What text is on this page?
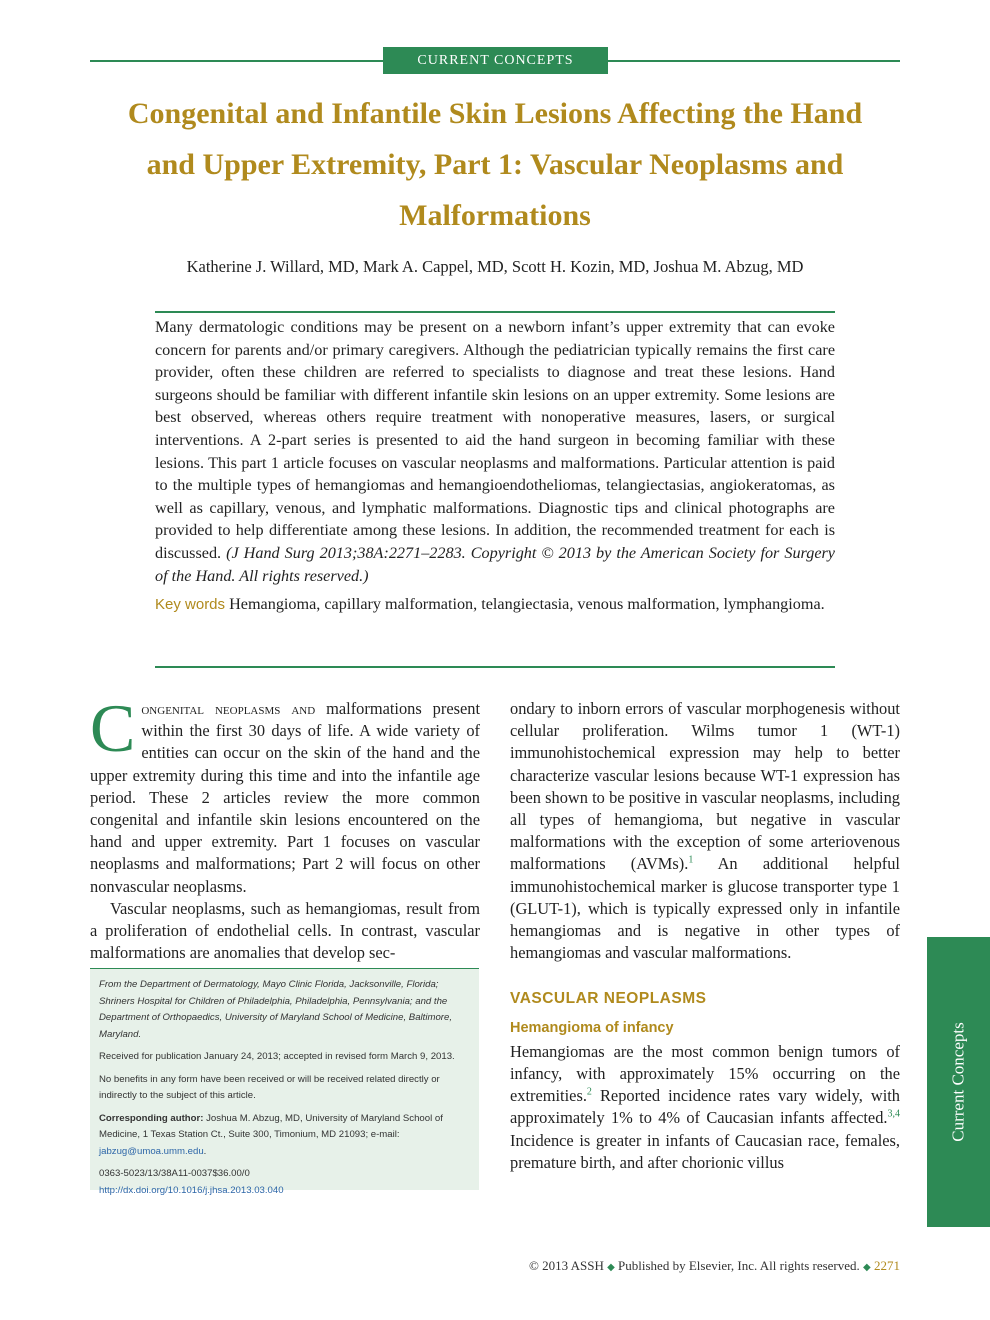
CURRENT CONCEPTS
Congenital and Infantile Skin Lesions Affecting the Hand and Upper Extremity, Part 1: Vascular Neoplasms and Malformations
Katherine J. Willard, MD, Mark A. Cappel, MD, Scott H. Kozin, MD, Joshua M. Abzug, MD

Many dermatologic conditions may be present on a newborn infant’s upper extremity that can evoke concern for parents and/or primary caregivers. Although the pediatrician typically remains the first care provider, often these children are referred to specialists to diagnose and treat these lesions. Hand surgeons should be familiar with different infantile skin lesions on an upper extremity. Some lesions are best observed, whereas others require treatment with nonoperative measures, lasers, or surgical interventions. A 2-part series is presented to aid the hand surgeon in becoming familiar with these lesions. This part 1 article focuses on vascular neoplasms and malformations. Particular attention is paid to the multiple types of hemangiomas and hemangioendotheliomas, telangiectasias, angiokeratomas, as well as capillary, venous, and lymphatic malformations. Diagnostic tips and clinical photographs are provided to help differentiate among these lesions. In addition, the recommended treatment for each is discussed. (J Hand Surg 2013;38A:2271–2283. Copyright © 2013 by the American Society for Surgery of the Hand. All rights reserved.)

Key words Hemangioma, capillary malformation, telangiectasia, venous malformation, lymphangioma.

Congenital neoplasms and malformations present within the first 30 days of life. A wide variety of entities can occur on the skin of the hand and the upper extremity during this time and into the infantile age period. These 2 articles review the more common congenital and infantile skin lesions encountered on the hand and upper extremity. Part 1 focuses on vascular neoplasms and malformations; Part 2 will focus on other nonvascular neoplasms.

Vascular neoplasms, such as hemangiomas, result from a proliferation of endothelial cells. In contrast, vascular malformations are anomalies that develop sec-

From the Department of Dermatology, Mayo Clinic Florida, Jacksonville, Florida; Shriners Hospital for Children of Philadelphia, Philadelphia, Pennsylvania; and the Department of Orthopaedics, University of Maryland School of Medicine, Baltimore, Maryland.

Received for publication January 24, 2013; accepted in revised form March 9, 2013.

No benefits in any form have been received or will be received related directly or indirectly to the subject of this article.

Corresponding author: Joshua M. Abzug, MD, University of Maryland School of Medicine, 1 Texas Station Ct., Suite 300, Timonium, MD 21093; e-mail: jabzug@umoa.umm.edu.

0363-5023/13/38A11-0037$36.00/0
http://dx.doi.org/10.1016/j.jhsa.2013.03.040

ondary to inborn errors of vascular morphogenesis without cellular proliferation. Wilms tumor 1 (WT-1) immunohistochemical expression may help to better characterize vascular lesions because WT-1 expression has been shown to be positive in vascular neoplasms, including all types of hemangioma, but negative in vascular malformations with the exception of some arteriovenous malformations (AVMs).$^1$ An additional helpful immunohistochemical marker is glucose transporter type 1 (GLUT-1), which is typically expressed only in infantile hemangiomas and is negative in other types of hemangiomas and vascular malformations.

VASCULAR NEOPLASMS

Hemangioma of infancy

Hemangiomas are the most common benign tumors of infancy, with approximately 15% occurring on the extremities.$^2$ Reported incidence rates vary widely, with approximately 1% to 4% of Caucasian infants affected.$^{3,4}$ Incidence is greater in infants of Caucasian race, females, premature birth, and after chorionic villus

Current Concepts
© 2013 ASSH ◆ Published by Elsevier, Inc. All rights reserved. ◆ 2271
